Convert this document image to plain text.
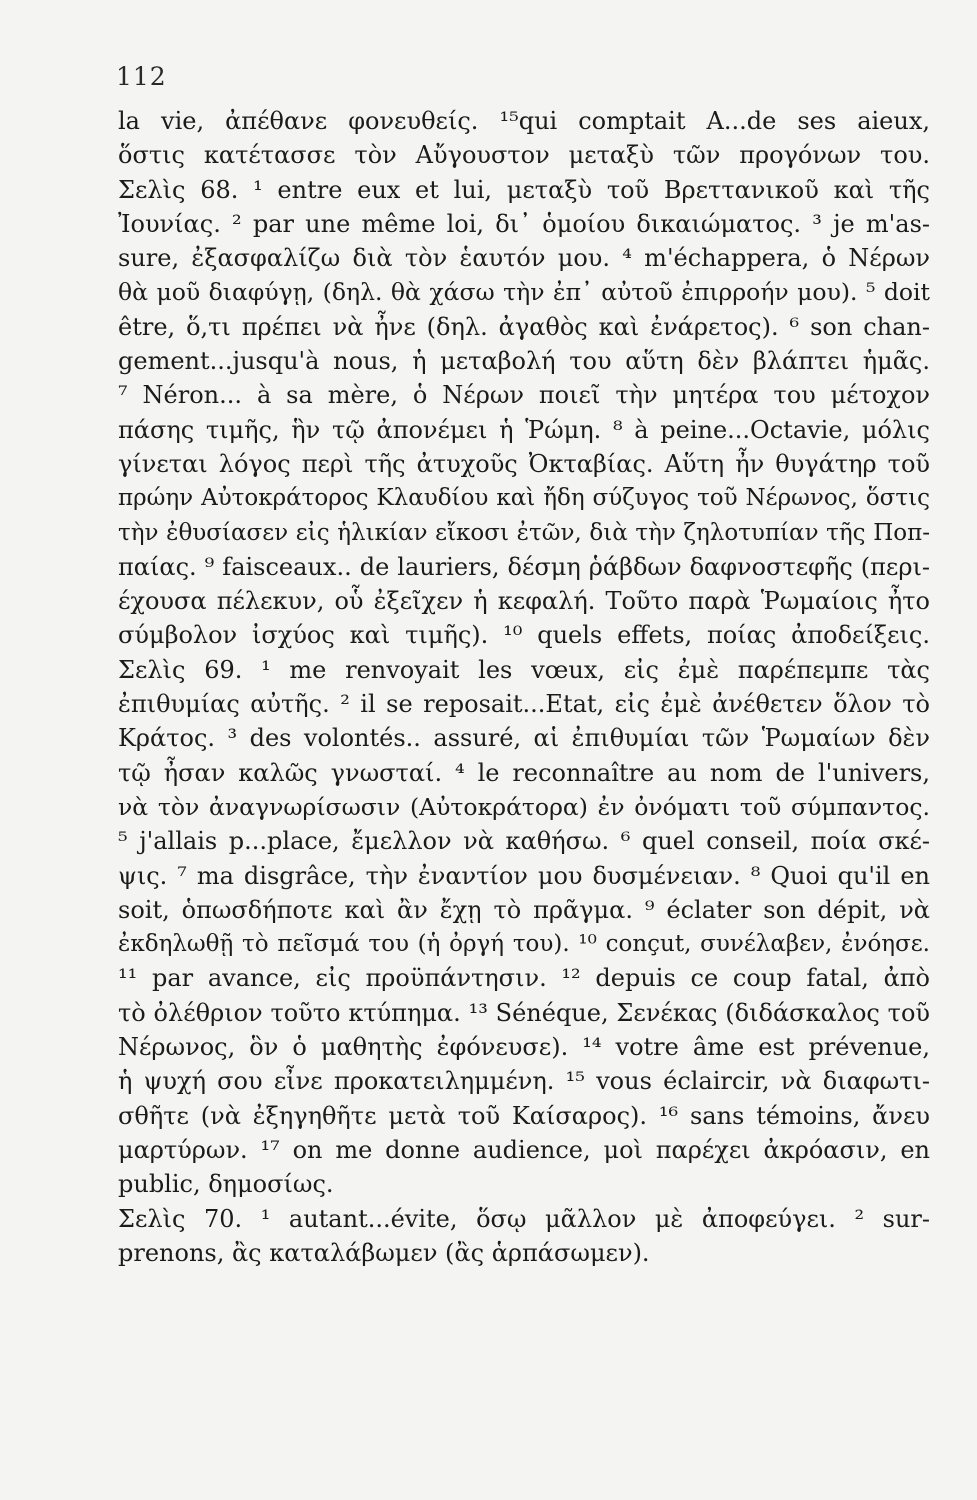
112
la vie, ἀπέθανε φονευθείς. ¹⁵qui comptait A...de ses aieux,
ὅστις κατέτασσε τὸν Αὔγουστον μεταξὺ τῶν προγόνων του.
Σελὶς 68. ¹ entre eux et lui, μεταξὺ τοῦ Βρεττανικοῦ καὶ τῆς
Ἰουνίας. ² par une même loi, δι᾽ ὁμοίου δικαιώματος. ³ je m'as-
sure, ἐξασφαλίζω διὰ τὸν ἑαυτόν μου. ⁴ m'échappera, ὁ Νέρων
θὰ μοῦ διαφύγῃ, (δηλ. θὰ χάσω τὴν ἐπ᾽ αὐτοῦ ἐπιρροήν μου). ⁵ doit
être, ὅ,τι πρέπει νὰ ἦνε (δηλ. ἀγαθὸς καὶ ἐνάρετος). ⁶ son chan-
gement...jusqu'à nous, ἡ μεταβολή του αὕτη δὲν βλάπτει ἡμᾶς.
⁷ Néron... à sa mère, ὁ Νέρων ποιεῖ τὴν μητέρα του μέτοχον
πάσης τιμῆς, ἣν τῷ ἀπονέμει ἡ Ῥώμη. ⁸ à peine...Octavie, μόλις
γίνεται λόγος περὶ τῆς ἀτυχοῦς Ὀκταβίας. Αὕτη ἦν θυγάτηρ τοῦ
πρώην Αὐτοκράτορος Κλαυδίου καὶ ἤδη σύζυγος τοῦ Νέρωνος, ὅστις
τὴν ἐθυσίασεν εἰς ἡλικίαν εἴκοσι ἐτῶν, διὰ τὴν ζηλοτυπίαν τῆς Ποπ-
παίας. ⁹ faisceaux.. de lauriers, δέσμη ῥάβδων δαφνοστεφῆς (περι-
έχουσα πέλεκυν, οὗ ἐξεῖχεν ἡ κεφαλή. Τοῦτο παρὰ Ῥωμαίοις ἦτο
σύμβολον ἰσχύος καὶ τιμῆς). ¹⁰ quels effets, ποίας ἀποδείξεις.
Σελὶς 69. ¹ me renvoyait les vœux, εἰς ἐμὲ παρέπεμπε τὰς
ἐπιθυμίας αὐτῆς. ² il se reposait...Etat, εἰς ἐμὲ ἀνέθετεν ὅλον τὸ
Κράτος. ³ des volontés.. assuré, αἱ ἐπιθυμίαι τῶν Ῥωμαίων δὲν
τῷ ἦσαν καλῶς γνωσταί. ⁴ le reconnaître au nom de l'univers,
νὰ τὸν ἀναγνωρίσωσιν (Αὐτοκράτορα) ἐν ὀνόματι τοῦ σύμπαντος.
⁵ j'allais p...place, ἔμελλον νὰ καθήσω. ⁶ quel conseil, ποία σκέ-
ψις. ⁷ ma disgrâce, τὴν ἐναντίον μου δυσμένειαν. ⁸ Quoi qu'il en
soit, ὁπωσδήποτε καὶ ἂν ἔχῃ τὸ πρᾶγμα. ⁹ éclater son dépit, νὰ
ἐκδηλωθῇ τὸ πεῖσμά του (ἡ ὀργή του). ¹⁰ conçut, συνέλαβεν, ἐνόησε.
¹¹ par avance, εἰς προϋπάντησιν. ¹² depuis ce coup fatal, ἀπὸ
τὸ ὀλέθριον τοῦτο κτύπημα. ¹³ Sénéque, Σενέκας (διδάσκαλος τοῦ
Νέρωνος, ὃν ὁ μαθητὴς ἐφόνευσε). ¹⁴ votre âme est prévenue,
ἡ ψυχή σου εἶνε προκατειλημμένη. ¹⁵ vous éclaircir, νὰ διαφωτι-
σθῆτε (νὰ ἐξηγηθῆτε μετὰ τοῦ Καίσαρος). ¹⁶ sans témoins, ἄνευ
μαρτύρων. ¹⁷ on me donne audience, μοὶ παρέχει ἀκρόασιν, en
public, δημοσίως.
Σελὶς 70. ¹ autant...évite, ὅσῳ μᾶλλον μὲ ἀποφεύγει. ² sur-
prenons, ἂς καταλάβωμεν (ἂς ἁρπάσωμεν).
